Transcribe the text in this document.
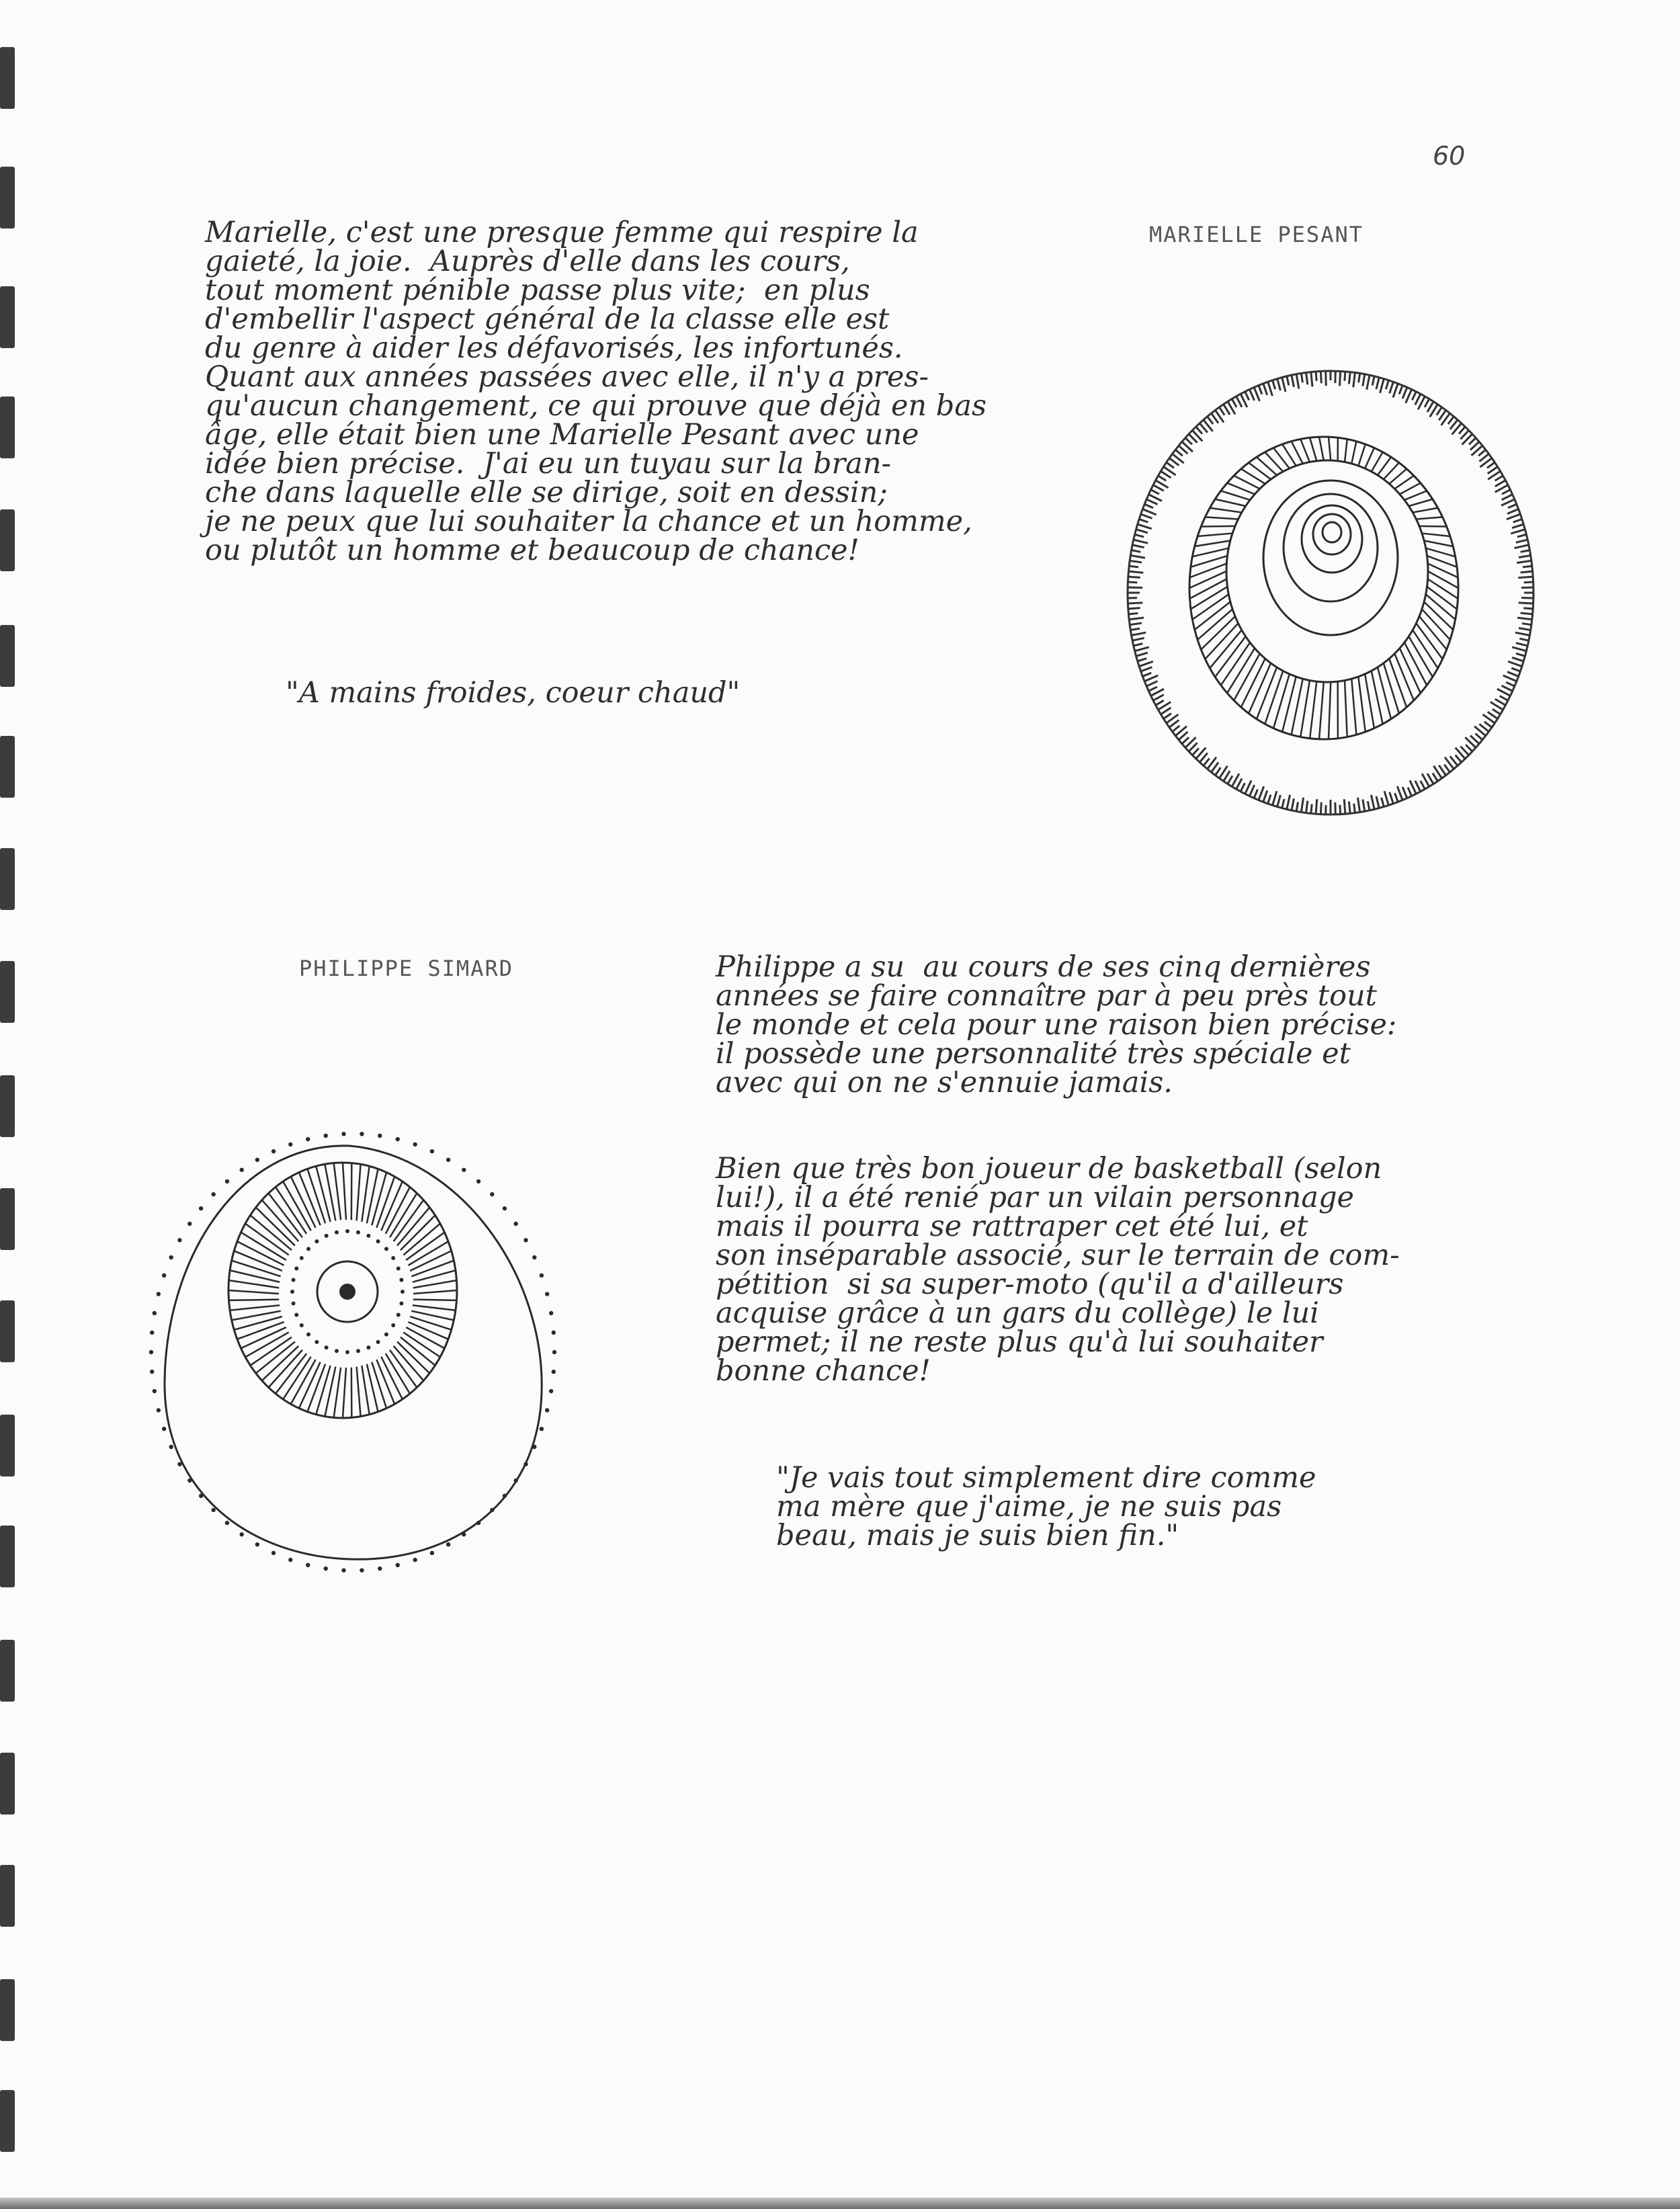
60
Marielle, c'est une presque femme qui respire la
gaieté, la joie.  Auprès d'elle dans les cours,
tout moment pénible passe plus vite;  en plus
d'embellir l'aspect général de la classe elle est
du genre à aider les défavorisés, les infortunés.
Quant aux années passées avec elle, il n'y a pres-
qu'aucun changement, ce qui prouve que déjà en bas
âge, elle était bien une Marielle Pesant avec une
idée bien précise.  J'ai eu un tuyau sur la bran-
che dans laquelle elle se dirige, soit en dessin;
je ne peux que lui souhaiter la chance et un homme,
ou plutôt un homme et beaucoup de chance!
MARIELLE PESANT
"A mains froides, coeur chaud"
PHILIPPE SIMARD	Philippe a su  au cours de ses cinq dernières
années se faire connaître par à peu près tout
le monde et cela pour une raison bien précise:
il possède une personnalité très spéciale et
avec qui on ne s'ennuie jamais.
Bien que très bon joueur de basketball (selon
lui!), il a été renié par un vilain personnage
mais il pourra se rattraper cet été lui, et
son inséparable associé, sur le terrain de com-
pétition  si sa super-moto (qu'il a d'ailleurs
acquise grâce à un gars du collège) le lui
permet; il ne reste plus qu'à lui souhaiter
bonne chance!
"Je vais tout simplement dire comme
ma mère que j'aime, je ne suis pas
beau, mais je suis bien fin."
